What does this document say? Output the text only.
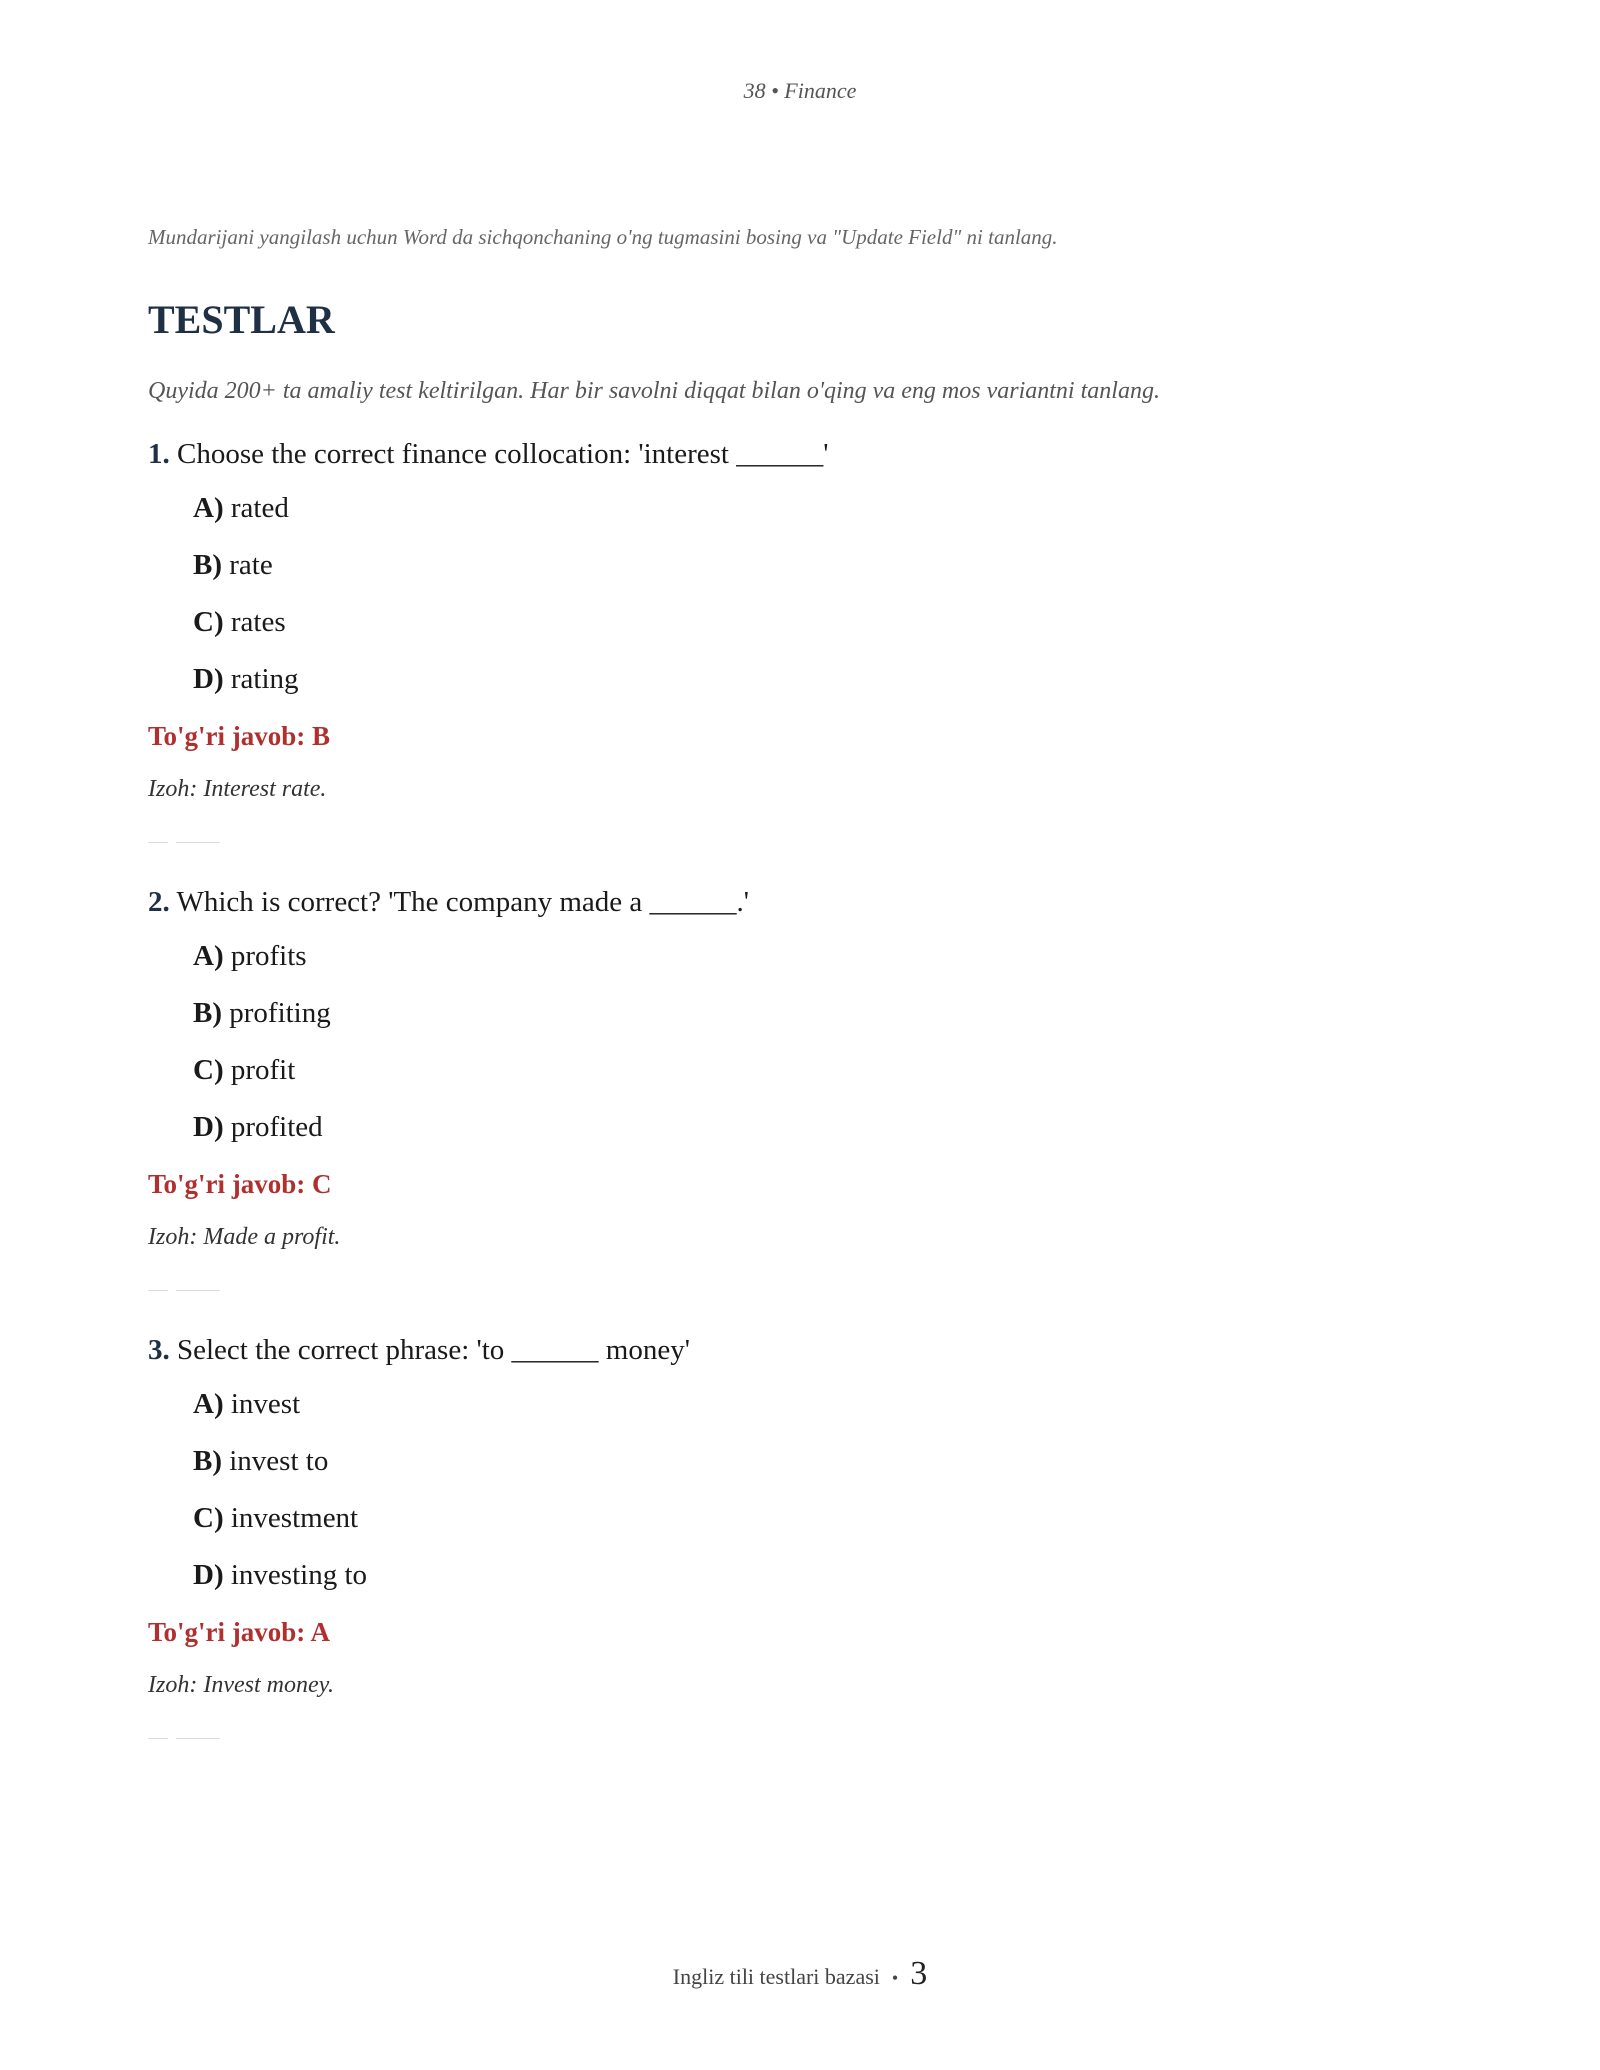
38 • Finance

Mundarijani yangilash uchun Word da sichqonchaning o'ng tugmasini bosing va "Update Field" ni tanlang.

TESTLAR

Quyida 200+ ta amaliy test keltirilgan. Har bir savolni diqqat bilan o'qing va eng mos variantni tanlang.

1. Choose the correct finance collocation: 'interest ______'

A) rated
B) rate
C) rates
D) rating

To'g'ri javob: B

Izoh: Interest rate.

2. Which is correct? 'The company made a ______.'

A) profits
B) profiting
C) profit
D) profited

To'g'ri javob: C

Izoh: Made a profit.

3. Select the correct phrase: 'to ______ money'

A) invest
B) invest to
C) investment
D) investing to

To'g'ri javob: A

Izoh: Invest money.

Ingliz tili testlari bazasi • 3
